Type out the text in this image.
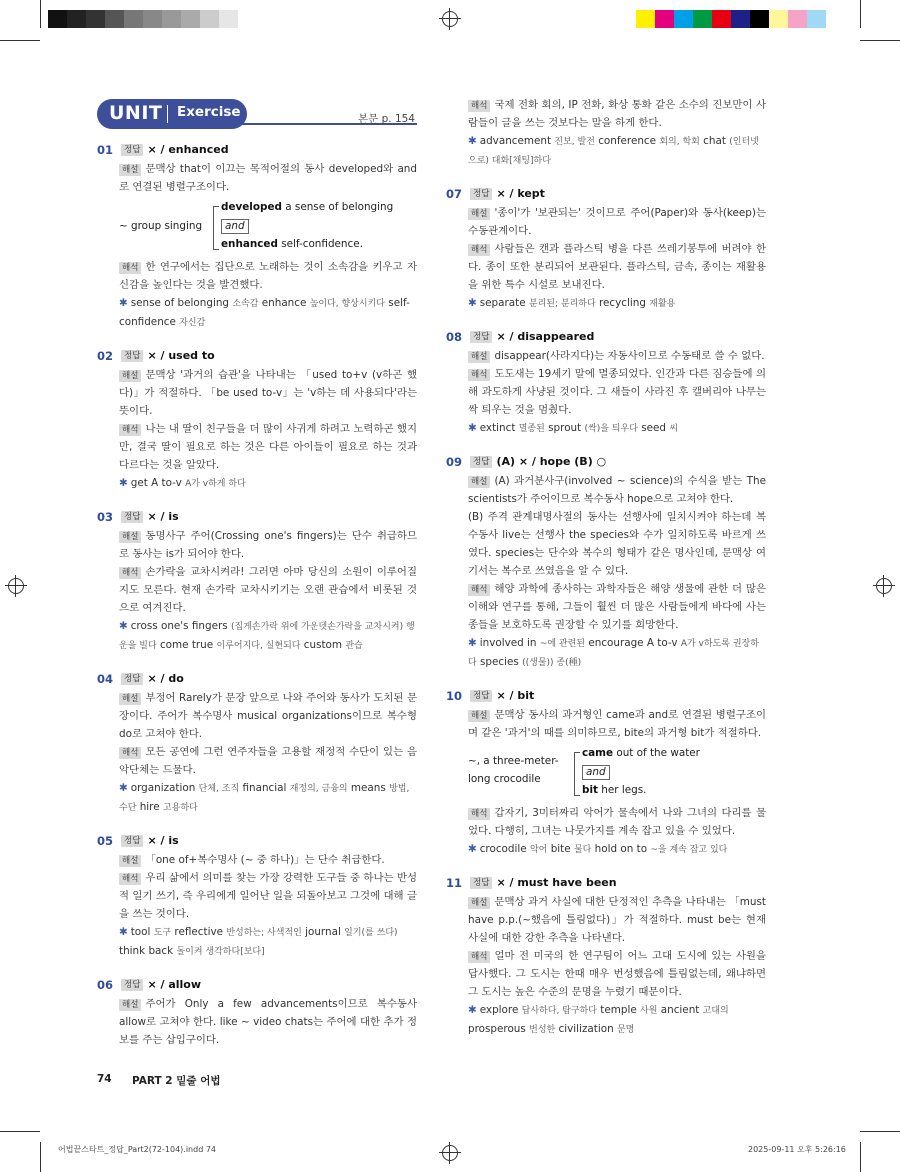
UNIT Exercise	본문 p. 154
01	정답 × / enhanced
해설 문맥상 that이 이끄는 목적어절의 동사 developed와 and로 연결된 병렬구조이다.
~ group singing
developed a sense of belonging
and
enhanced self-confidence.
해석 한 연구에서는 집단으로 노래하는 것이 소속감을 키우고 자신감을 높인다는 것을 발견했다.
✱ sense of belonging 소속감 enhance 높이다, 향상시키다 self-confidence 자신감
02	정답 × / used to
해설 문맥상 '과거의 습관'을 나타내는 「used to+v (v하곤 했다)」가 적절하다. 「be used to-v」는 'v하는 데 사용되다'라는 뜻이다.
해석 나는 내 딸이 친구들을 더 많이 사귀게 하려고 노력하곤 했지만, 결국 딸이 필요로 하는 것은 다른 아이들이 필요로 하는 것과 다르다는 것을 알았다.
✱ get A to-v A가 v하게 하다
03	정답 × / is
해설 동명사구 주어(Crossing one's fingers)는 단수 취급하므로 동사는 is가 되어야 한다.
해석 손가락을 교차시켜라! 그러면 아마 당신의 소원이 이루어질지도 모른다. 현재 손가락 교차시키기는 오랜 관습에서 비롯된 것으로 여겨진다.
✱ cross one's fingers (집게손가락 위에 가운뎃손가락을 교차시켜) 행운을 빌다 come true 이루어지다, 실현되다 custom 관습
04	정답 × / do
해설 부정어 Rarely가 문장 앞으로 나와 주어와 동사가 도치된 문장이다. 주어가 복수명사 musical organizations이므로 복수형 do로 고쳐야 한다.
해석 모든 공연에 그런 연주자들을 고용할 재정적 수단이 있는 음악단체는 드물다.
✱ organization 단체, 조직 financial 재정의, 금융의 means 방법, 수단 hire 고용하다
05	정답 × / is
해설 「one of+복수명사 (~ 중 하나)」는 단수 취급한다.
해석 우리 삶에서 의미를 찾는 가장 강력한 도구들 중 하나는 반성적 일기 쓰기, 즉 우리에게 일어난 일을 되돌아보고 그것에 대해 글을 쓰는 것이다.
✱ tool 도구 reflective 반성하는; 사색적인 journal 일기(를 쓰다) think back 돌이켜 생각하다[보다]
06	정답 × / allow
해설 주어가 Only a few advancements이므로 복수동사 allow로 고쳐야 한다. like ~ video chats는 주어에 대한 추가 정보를 주는 삽입구이다.
해석 국제 전화 회의, IP 전화, 화상 통화 같은 소수의 진보만이 사람들이 글을 쓰는 것보다는 말을 하게 한다.
✱ advancement 진보, 발전 conference 회의, 학회 chat (인터넷으로) 대화[채팅]하다
07	정답 × / kept
해설 '종이'가 '보관되는' 것이므로 주어(Paper)와 동사(keep)는 수동관계이다.
해석 사람들은 캔과 플라스틱 병을 다른 쓰레기봉투에 버려야 한다. 종이 또한 분리되어 보관된다. 플라스틱, 금속, 종이는 재활용을 위한 특수 시설로 보내진다.
✱ separate 분리된; 분리하다 recycling 재활용
08	정답 × / disappeared
해설 disappear(사라지다)는 자동사이므로 수동태로 쓸 수 없다.
해석 도도새는 19세기 말에 멸종되었다. 인간과 다른 짐승들에 의해 과도하게 사냥된 것이다. 그 새들이 사라진 후 캘버리아 나무는 싹 틔우는 것을 멈췄다.
✱ extinct 멸종된 sprout (싹)을 틔우다 seed 씨
09	정답 (A) × / hope (B) ○
해설 (A) 과거분사구(involved ~ science)의 수식을 받는 The scientists가 주어이므로 복수동사 hope으로 고쳐야 한다.
(B) 주격 관계대명사절의 동사는 선행사에 일치시켜야 하는데 복수동사 live는 선행사 the species와 수가 일치하도록 바르게 쓰였다. species는 단수와 복수의 형태가 같은 명사인데, 문맥상 여기서는 복수로 쓰였음을 알 수 있다.
해석 해양 과학에 종사하는 과학자들은 해양 생물에 관한 더 많은 이해와 연구를 통해, 그들이 훨씬 더 많은 사람들에게 바다에 사는 종들을 보호하도록 권장할 수 있기를 희망한다.
✱ involved in ~에 관련된 encourage A to-v A가 v하도록 권장하다 species ((생물)) 종(種)
10	정답 × / bit
해설 문맥상 동사의 과거형인 came과 and로 연결된 병렬구조이며 같은 '과거'의 때를 의미하므로, bite의 과거형 bit가 적절하다.
~, a three-meter-long crocodile
came out of the water
and
bit her legs.
해석 갑자기, 3미터짜리 악어가 물속에서 나와 그녀의 다리를 물었다. 다행히, 그녀는 나뭇가지를 계속 잡고 있을 수 있었다.
✱ crocodile 악어 bite 물다 hold on to ~을 계속 잡고 있다
11	정답 × / must have been
해설 문맥상 과거 사실에 대한 단정적인 추측을 나타내는 「must have p.p.(~했음에 틀림없다)」가 적절하다. must be는 현재 사실에 대한 강한 추측을 나타낸다.
해석 얼마 전 미국의 한 연구팀이 어느 고대 도시에 있는 사원을 답사했다. 그 도시는 한때 매우 번성했음에 틀림없는데, 왜냐하면 그 도시는 높은 수준의 문명을 누렸기 때문이다.
✱ explore 답사하다, 탐구하다 temple 사원 ancient 고대의 prosperous 번성한 civilization 문명
74 PART 2 밑줄 어법
어법끝스타트_정답_Part2(72-104).indd 74	2025-09-11 오후 5:26:16
